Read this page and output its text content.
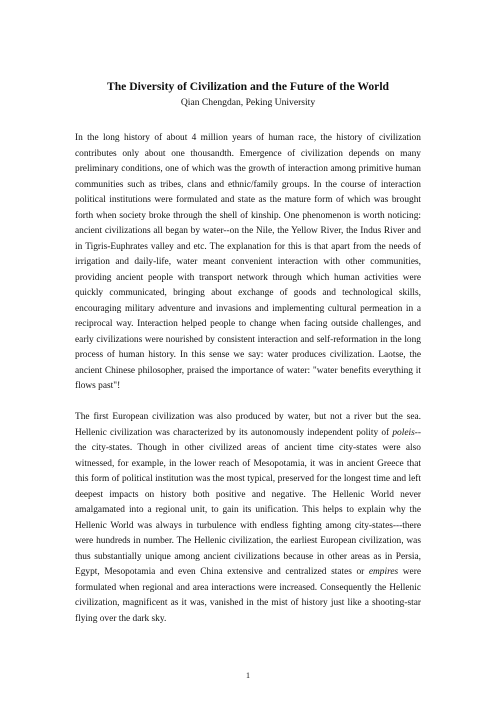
The Diversity of Civilization and the Future of the World
Qian Chengdan, Peking University

In the long history of about 4 million years of human race, the history of civilization contributes only about one thousandth. Emergence of civilization depends on many preliminary conditions, one of which was the growth of interaction among primitive human communities such as tribes, clans and ethnic/family groups. In the course of interaction political institutions were formulated and state as the mature form of which was brought forth when society broke through the shell of kinship. One phenomenon is worth noticing: ancient civilizations all began by water--on the Nile, the Yellow River, the Indus River and in Tigris-Euphrates valley and etc. The explanation for this is that apart from the needs of irrigation and daily-life, water meant convenient interaction with other communities, providing ancient people with transport network through which human activities were quickly communicated, bringing about exchange of goods and technological skills, encouraging military adventure and invasions and implementing cultural permeation in a reciprocal way. Interaction helped people to change when facing outside challenges, and early civilizations were nourished by consistent interaction and self-reformation in the long process of human history. In this sense we say: water produces civilization. Laotse, the ancient Chinese philosopher, praised the importance of water: "water benefits everything it flows past"!

The first European civilization was also produced by water, but not a river but the sea. Hellenic civilization was characterized by its autonomously independent polity of poleis--the city-states. Though in other civilized areas of ancient time city-states were also witnessed, for example, in the lower reach of Mesopotamia, it was in ancient Greece that this form of political institution was the most typical, preserved for the longest time and left deepest impacts on history both positive and negative. The Hellenic World never amalgamated into a regional unit, to gain its unification. This helps to explain why the Hellenic World was always in turbulence with endless fighting among city-states---there were hundreds in number. The Hellenic civilization, the earliest European civilization, was thus substantially unique among ancient civilizations because in other areas as in Persia, Egypt, Mesopotamia and even China extensive and centralized states or empires were formulated when regional and area interactions were increased. Consequently the Hellenic civilization, magnificent as it was, vanished in the mist of history just like a shooting-star flying over the dark sky.

1
